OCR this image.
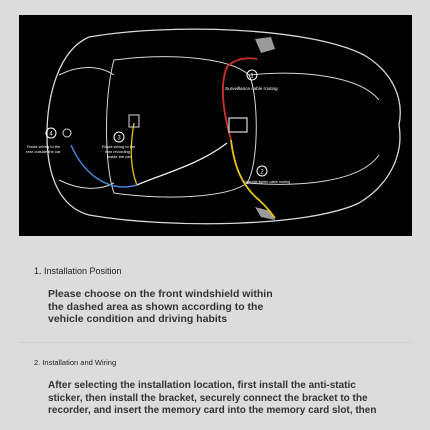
1
Surveillance cable routing
2
Cigarette lighter cable routing
3
Route wiring to the
rear recording
inside the car
4
Route wiring to the
rear outside the car
1. Installation Position

Please choose on the front windshield within
the dashed area as shown according to the
vehicle condition and driving habits

2. Installation and Wiring

After selecting the installation location, first install the anti-static
sticker, then install the bracket, securely connect the bracket to the
recorder, and insert the memory card into the memory card slot, then
